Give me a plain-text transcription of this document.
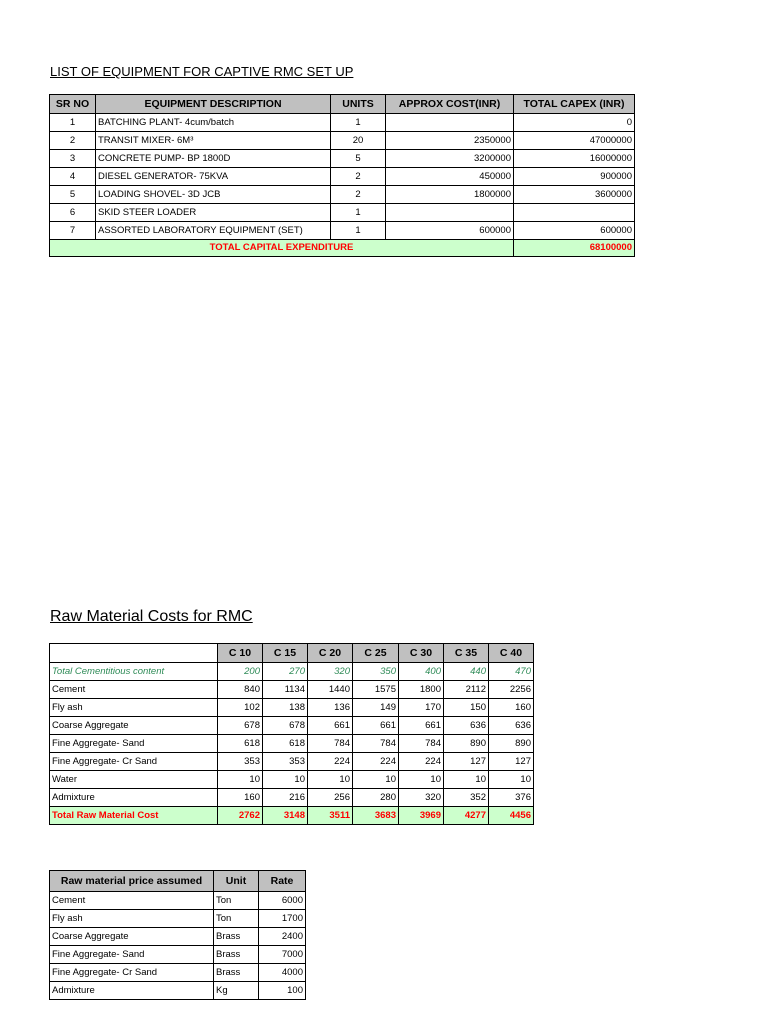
LIST OF EQUIPMENT FOR CAPTIVE RMC SET UP
SR NO	EQUIPMENT DESCRIPTION	UNITS	APPROX COST(INR)	TOTAL CAPEX (INR)
1	BATCHING PLANT- 4cum/batch	1		0
2	TRANSIT MIXER- 6M³	20	2350000	47000000
3	CONCRETE PUMP- BP 1800D	5	3200000	16000000
4	DIESEL GENERATOR- 75KVA	2	450000	900000
5	LOADING SHOVEL- 3D JCB	2	1800000	3600000
6	SKID STEER LOADER	1		
7	ASSORTED LABORATORY EQUIPMENT (SET)	1	600000	600000
TOTAL CAPITAL EXPENDITURE				68100000
Raw Material Costs for RMC
	C 10	C 15	C 20	C 25	C 30	C 35	C 40
Total Cementitious content	200	270	320	350	400	440	470
Cement	840	1134	1440	1575	1800	2112	2256
Fly ash	102	138	136	149	170	150	160
Coarse Aggregate	678	678	661	661	661	636	636
Fine Aggregate- Sand	618	618	784	784	784	890	890
Fine Aggregate- Cr Sand	353	353	224	224	224	127	127
Water	10	10	10	10	10	10	10
Admixture	160	216	256	280	320	352	376
Total Raw Material Cost	2762	3148	3511	3683	3969	4277	4456
Raw material price assumed	Unit	Rate
Cement	Ton	6000
Fly ash	Ton	1700
Coarse Aggregate	Brass	2400
Fine Aggregate- Sand	Brass	7000
Fine Aggregate- Cr Sand	Brass	4000
Admixture	Kg	100
